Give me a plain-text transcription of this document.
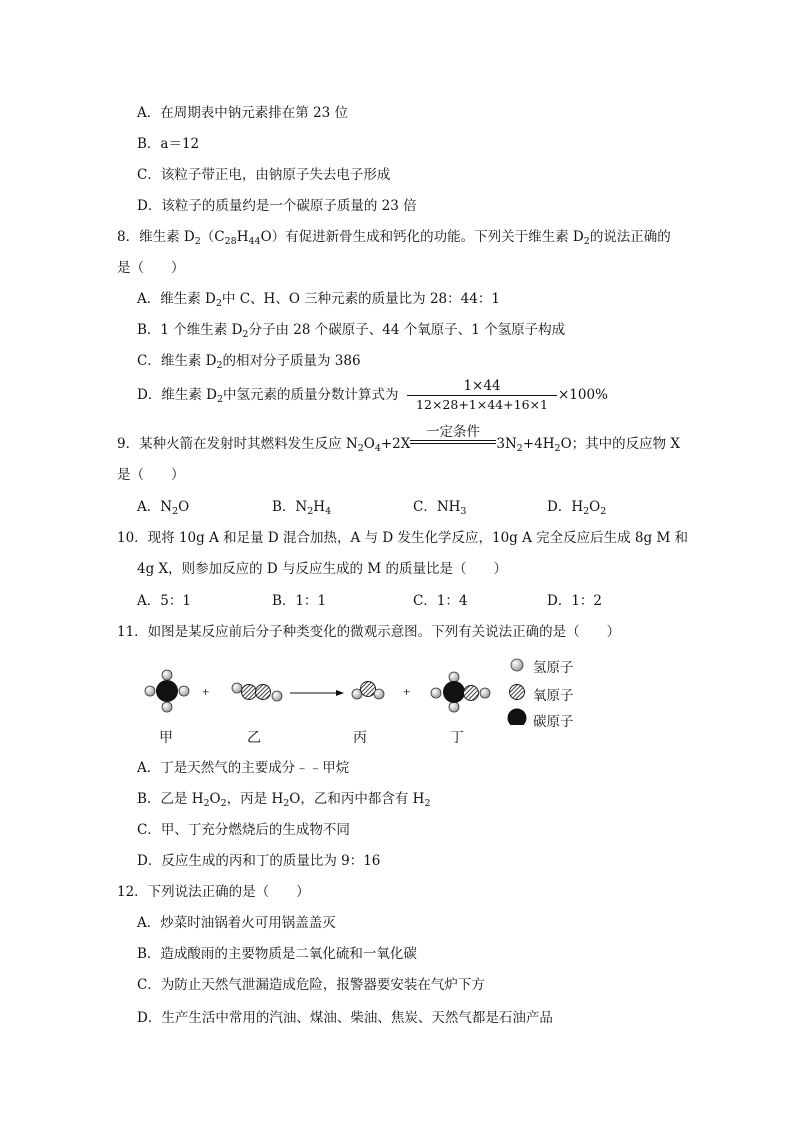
A．在周期表中钠元素排在第 23 位
B．a＝12
C．该粒子带正电，由钠原子失去电子形成
D．该粒子的质量约是一个碳原子质量的 23 倍
8．维生素 $D_2(C_{28}H_{44}O)$有促进新骨生成和钙化的功能。下列关于维生素 $D_2$的说法正确的
是（　　）
A．维生素 $D_2$中 C、H、O 三种元素的质量比为 28：44：1
B．1 个维生素 $D_2$分子由 28 个碳原子、44 个氧原子、1 个氢原子构成
C．维生素 $D_2$的相对分子质量为 386
D．维生素 $D_2$中氢元素的质量分数计算式为
1×44
12×28+1×44+16×1
×100%
9．某种火箭在发射时其燃料发生反应 $N_2O_4+2X$	$3N_2+4H_2O$；其中的反应物 X
一定条件
是（　　）
A．$N_2O$	B．$N_2H_4$	C．$NH_3$	D．$H_2O_2$
10．现将 10g A 和足量 D 混合加热，A 与 D 发生化学反应，10g A 完全反应后生成 8g M 和
4g X，则参加反应的 D 与反应生成的 M 的质量比是（　　）
A．5：1	B．1：1	C．1：4	D．1：2
11．如图是某反应前后分子种类变化的微观示意图。下列有关说法正确的是（　　）
+	+
氢原子
氧原子
碳原子
甲	乙	丙	丁
A．丁是天然气的主要成分﹣﹣甲烷
B．乙是 $H_2O_2$，丙是 $H_2O$，乙和丙中都含有 $H_2$
C．甲、丁充分燃烧后的生成物不同
D．反应生成的丙和丁的质量比为 9：16
12．下列说法正确的是（　　）
A．炒菜时油锅着火可用锅盖盖灭
B．造成酸雨的主要物质是二氧化硫和一氧化碳
C．为防止天然气泄漏造成危险，报警器要安装在气炉下方
D．生产生活中常用的汽油、煤油、柴油、焦炭、天然气都是石油产品
